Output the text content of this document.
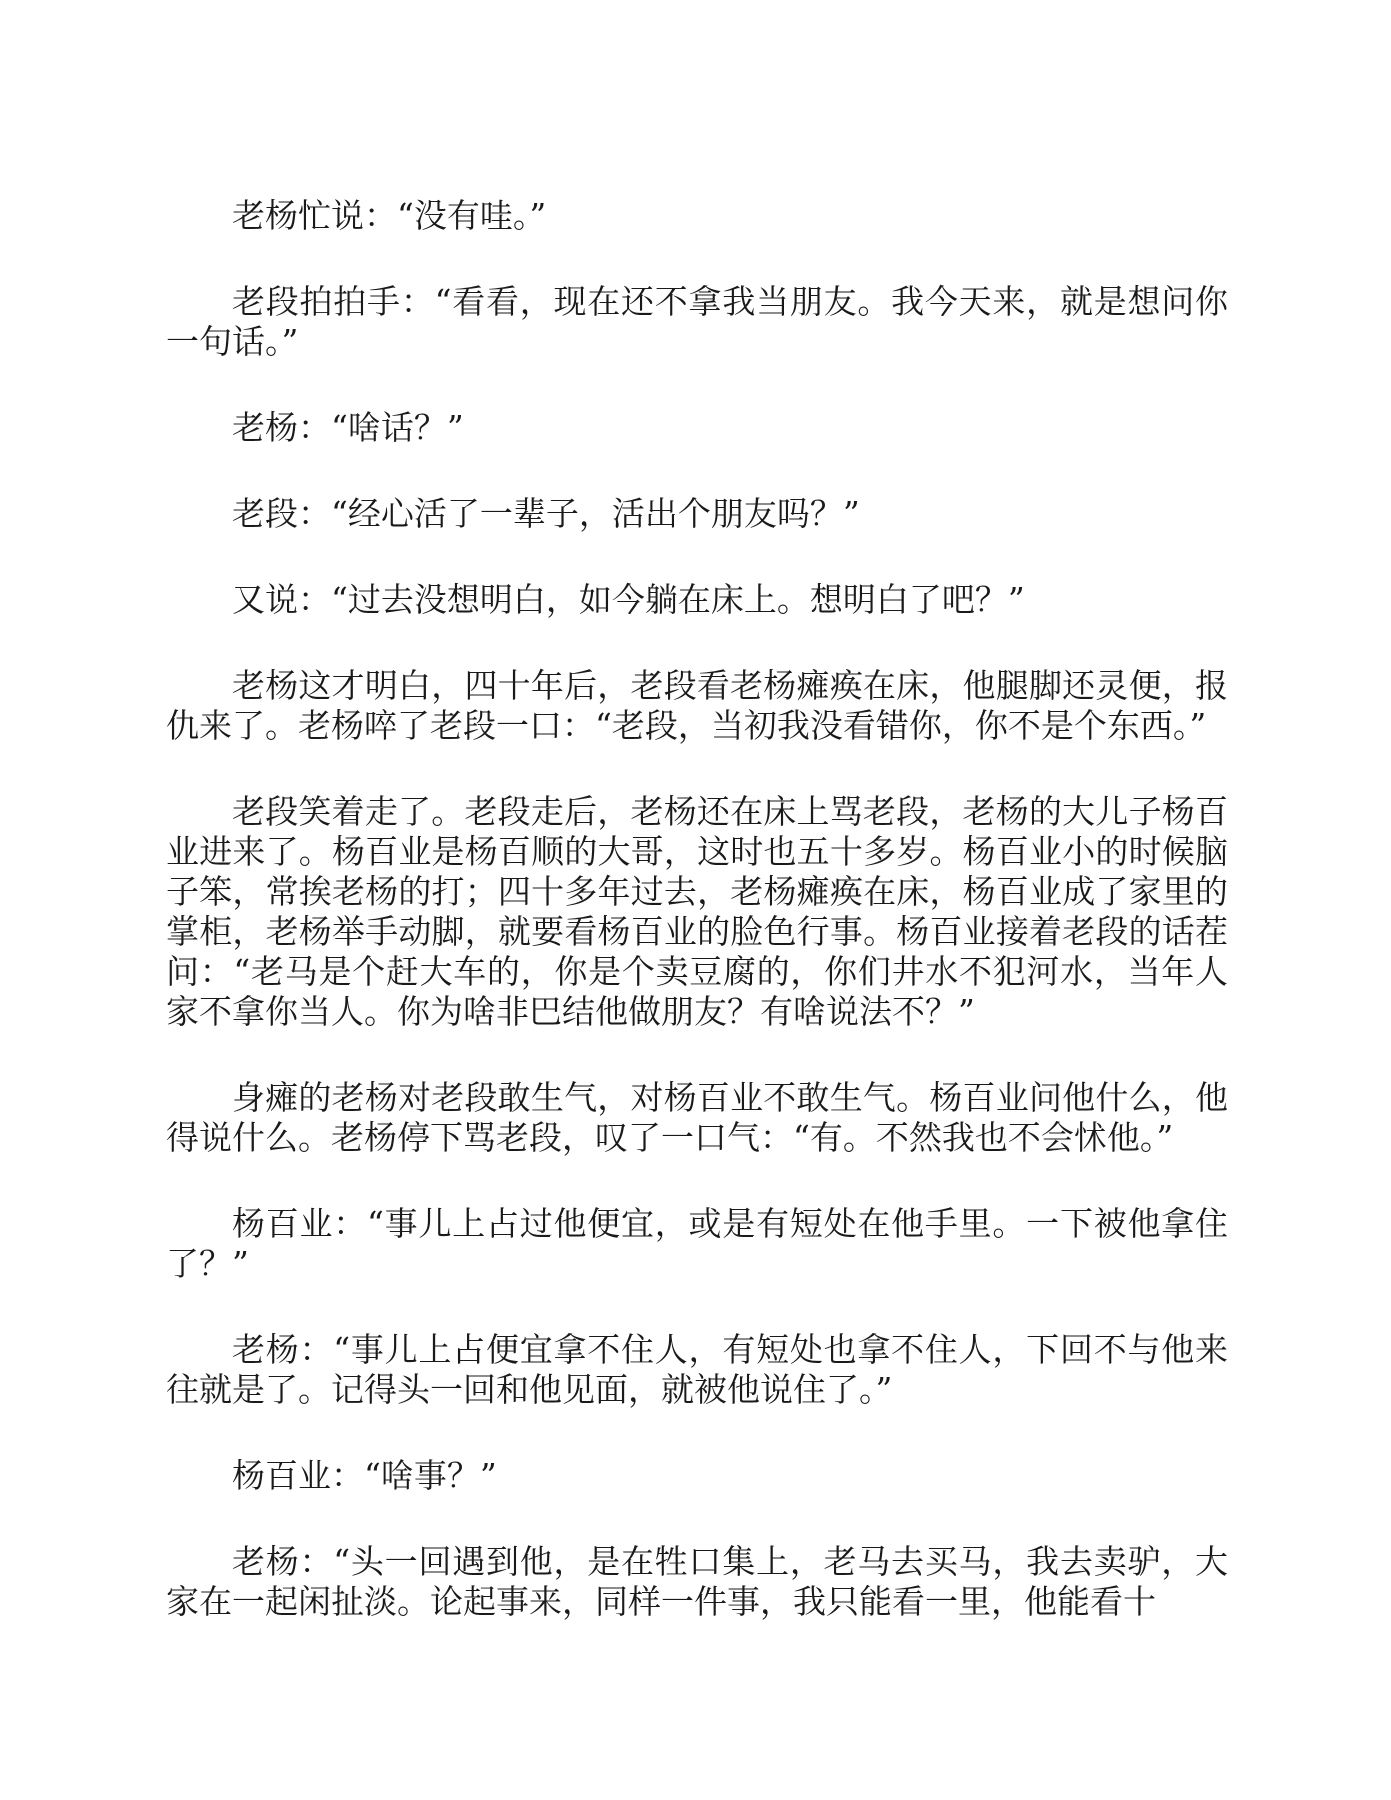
老杨忙说：“没有哇。”

老段拍拍手：“看看，现在还不拿我当朋友。我今天来，就是想问你一句话。”

老杨：“啥话？”

老段：“经心活了一辈子，活出个朋友吗？”

又说：“过去没想明白，如今躺在床上。想明白了吧？”

老杨这才明白，四十年后，老段看老杨瘫痪在床，他腿脚还灵便，报仇来了。老杨啐了老段一口：“老段，当初我没看错你，你不是个东西。”

老段笑着走了。老段走后，老杨还在床上骂老段，老杨的大儿子杨百业进来了。杨百业是杨百顺的大哥，这时也五十多岁。杨百业小的时候脑子笨，常挨老杨的打；四十多年过去，老杨瘫痪在床，杨百业成了家里的掌柜，老杨举手动脚，就要看杨百业的脸色行事。杨百业接着老段的话茬问：“老马是个赶大车的，你是个卖豆腐的，你们井水不犯河水，当年人家不拿你当人。你为啥非巴结他做朋友？有啥说法不？”

身瘫的老杨对老段敢生气，对杨百业不敢生气。杨百业问他什么，他得说什么。老杨停下骂老段，叹了一口气：“有。不然我也不会怵他。”

杨百业：“事儿上占过他便宜，或是有短处在他手里。一下被他拿住了？”

老杨：“事儿上占便宜拿不住人，有短处也拿不住人，下回不与他来往就是了。记得头一回和他见面，就被他说住了。”

杨百业：“啥事？”

老杨：“头一回遇到他，是在牲口集上，老马去买马，我去卖驴，大家在一起闲扯淡。论起事来，同样一件事，我只能看一里，他能看十
